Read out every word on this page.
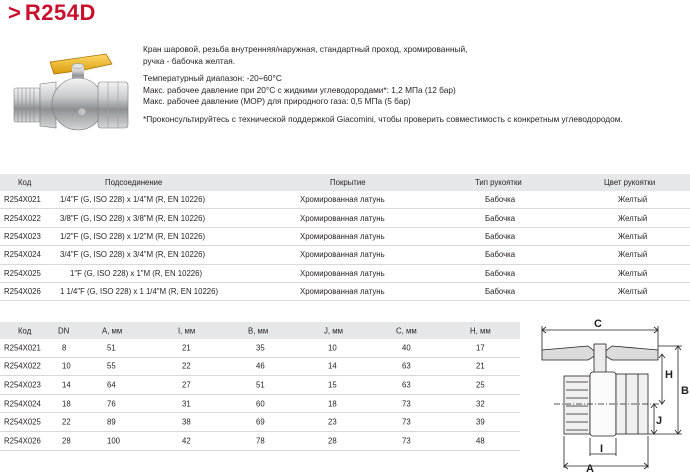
> R254D

Кран шаровой, резьба внутренняя/наружная, стандартный проход, хромированный,

ручка - бабочка желтая.

Температурный диапазон: -20÷60°C

Макс. рабочее давление при 20°C с жидкими углеводородами*: 1,2 МПа (12 бар)

Макс. рабочее давление (МОР) для природного газа: 0,5 МПа (5 бар)

*Проконсультируйтесь с технической поддержкой Giacomini, чтобы проверить совместимость с конкретным углеводородом.

Код	Подсоединение	Покрытие	Тип рукоятки	Цвет рукоятки
R254X021 1/4"F (G, ISO 228) x 1/4"M (R, EN 10226)	Хромированная латунь	Бабочка	Желтый
R254X022 3/8"F (G, ISO 228) x 3/8"M (R, EN 10226)	Хромированная латунь	Бабочка	Желтый
R254X023 1/2"F (G, ISO 228) x 1/2"M (R, EN 10226)	Хромированная латунь	Бабочка	Желтый
R254X024 3/4"F (G, ISO 228) x 3/4"M (R, EN 10226)	Хромированная латунь	Бабочка	Желтый
R254X025	1"F (G, ISO 228) x 1"M (R, EN 10226)	Хромированная латунь	Бабочка	Желтый
R254X026 1 1/4"F (G, ISO 228) x 1 1/4"M (R, EN 10226)	Хромированная латунь	Бабочка	Желтый
Код	DN	A, мм	I, мм	B, мм	J, мм	C, мм	H, мм
R254X021	8	51	21	35	10	40	17
R254X022	10	55	22	46	14	63	21
R254X023	14	64	27	51	15	63	25
R254X024	18	76	31	60	18	73	32
R254X025	22	89	38	69	23	73	39
R254X026	28	100	42	78	28	73	48
C
H
B
J
I
A
